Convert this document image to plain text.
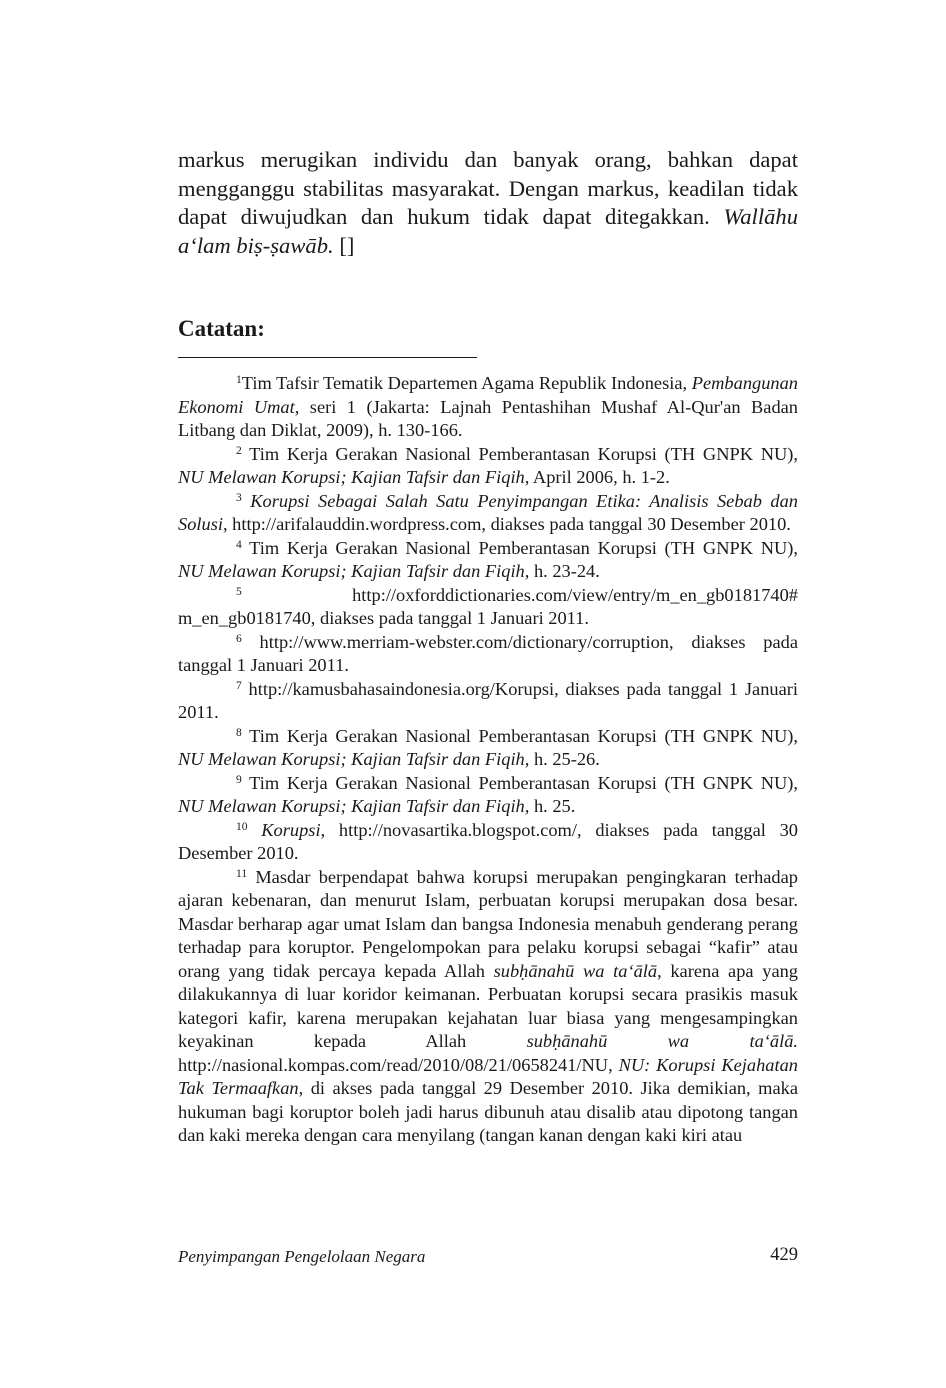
markus merugikan individu dan banyak orang, bahkan dapat mengganggu stabilitas masyarakat. Dengan markus, keadilan tidak dapat diwujudkan dan hukum tidak dapat ditegakkan. Wallāhu a‘lam biṣ-ṣawāb. []

Catatan:

$^1$Tim Tafsir Tematik Departemen Agama Republik Indonesia, Pembangunan Ekonomi Umat, seri 1 (Jakarta: Lajnah Pentashihan Mushaf Al-Qur'an Badan Litbang dan Diklat, 2009), h. 130-166.

$^2$ Tim Kerja Gerakan Nasional Pemberantasan Korupsi (TH GNPK NU), NU Melawan Korupsi; Kajian Tafsir dan Fiqih, April 2006, h. 1-2.

$^3$ Korupsi Sebagai Salah Satu Penyimpangan Etika: Analisis Sebab dan Solusi, http://arifalauddin.wordpress.com, diakses pada tanggal 30 Desember 2010.

$^4$ Tim Kerja Gerakan Nasional Pemberantasan Korupsi (TH GNPK NU), NU Melawan Korupsi; Kajian Tafsir dan Fiqih, h. 23-24.

$^5$	http://oxforddictionaries.com/view/entry/m_en_gb0181740# m_en_gb0181740, diakses pada tanggal 1 Januari 2011.

$^6$ http://www.merriam-webster.com/dictionary/corruption, diakses pada tanggal 1 Januari 2011.

$^7$ http://kamusbahasaindonesia.org/Korupsi, diakses pada tanggal 1 Januari 2011.

$^8$ Tim Kerja Gerakan Nasional Pemberantasan Korupsi (TH GNPK NU), NU Melawan Korupsi; Kajian Tafsir dan Fiqih, h. 25-26.

$^9$ Tim Kerja Gerakan Nasional Pemberantasan Korupsi (TH GNPK NU), NU Melawan Korupsi; Kajian Tafsir dan Fiqih, h. 25.

$^{10}$ Korupsi, http://novasartika.blogspot.com/, diakses pada tanggal 30 Desember 2010.

$^{11}$ Masdar berpendapat bahwa korupsi merupakan pengingkaran terhadap ajaran kebenaran, dan menurut Islam, perbuatan korupsi merupakan dosa besar. Masdar berharap agar umat Islam dan bangsa Indonesia menabuh genderang perang terhadap para koruptor. Pengelompokan para pelaku korupsi sebagai “kafir” atau orang yang tidak percaya kepada Allah subḥānahū wa ta‘ālā, karena apa yang dilakukannya di luar koridor keimanan. Perbuatan korupsi secara prasikis masuk kategori kafir, karena merupakan kejahatan luar biasa yang mengesampingkan keyakinan kepada Allah subḥānahū wa ta‘ālā. http://nasional.kompas.com/read/2010/08/21/0658241/NU, NU: Korupsi Kejahatan Tak Termaafkan, di akses pada tanggal 29 Desember 2010. Jika demikian, maka hukuman bagi koruptor boleh jadi harus dibunuh atau disalib atau dipotong tangan dan kaki mereka dengan cara menyilang (tangan kanan dengan kaki kiri atau

Penyimpangan Pengelolaan Negara	429
